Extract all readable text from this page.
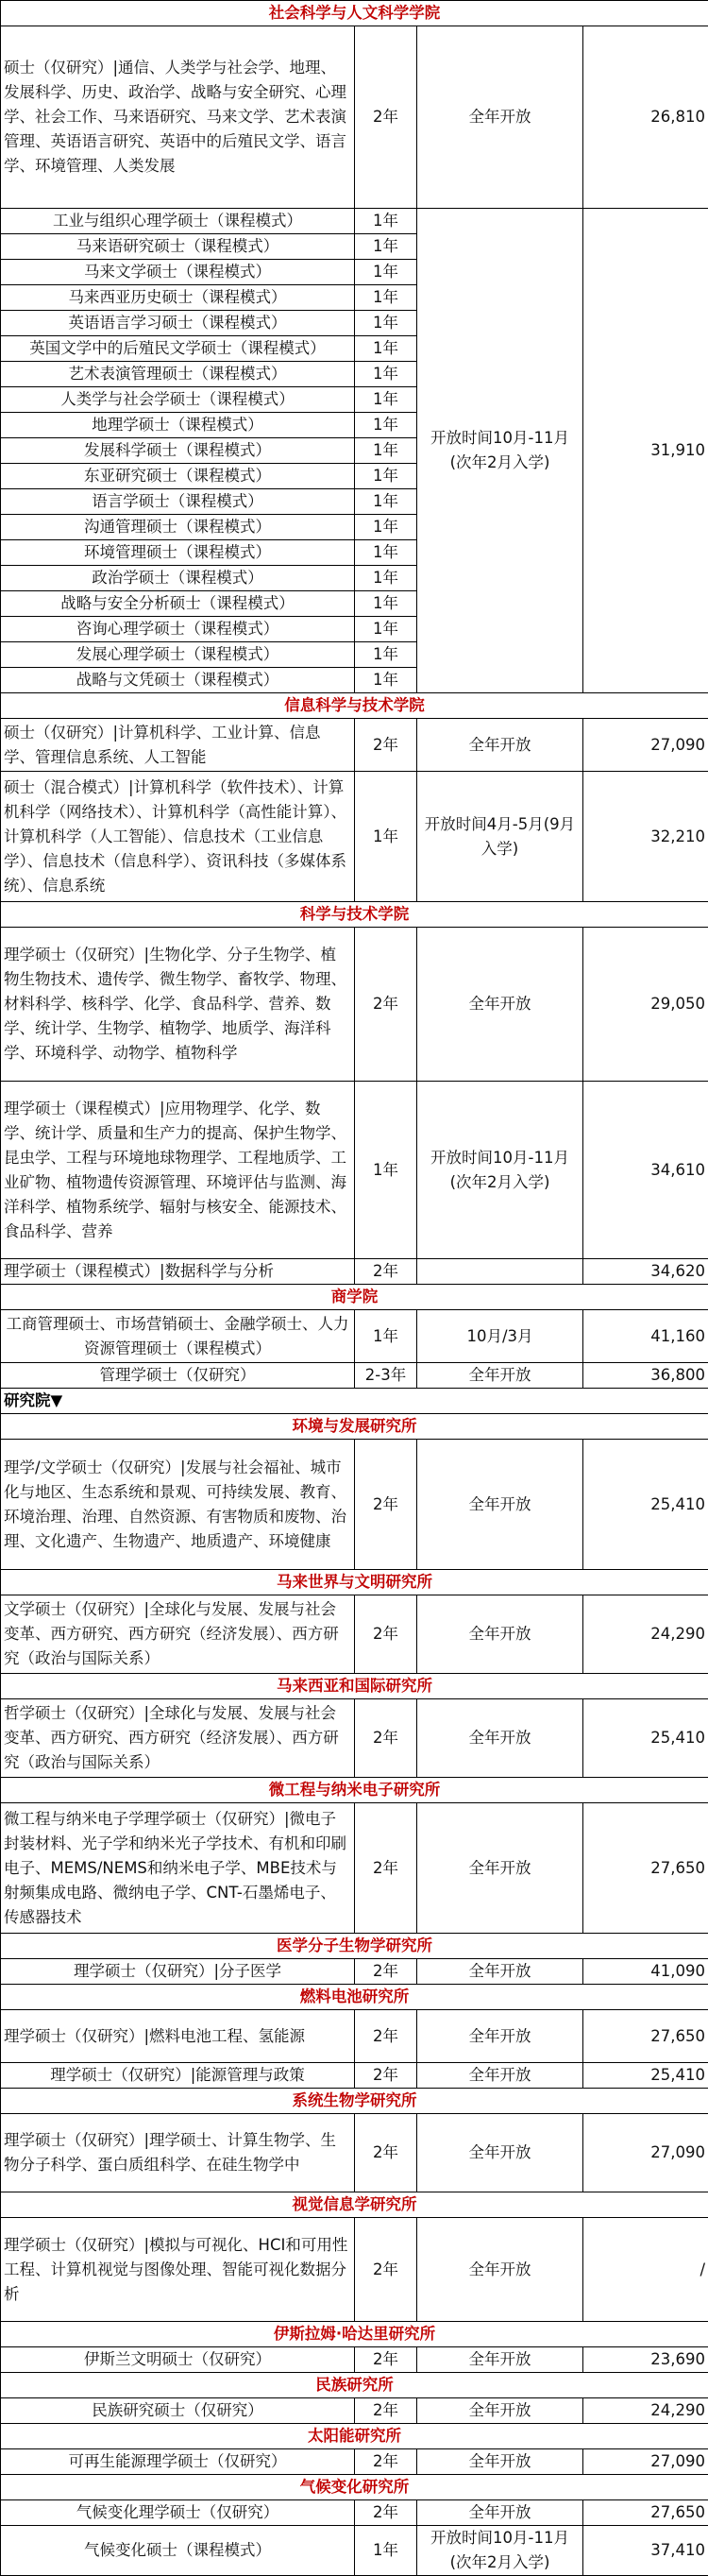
社会科学与人文科学学院			
硕士（仅研究）|通信、人类学与社会学、地理、发展科学、历史、政治学、战略与安全研究、心理学、社会工作、马来语研究、马来文学、艺术表演管理、英语语言研究、英语中的后殖民文学、语言学、环境管理、人类发展	2年	全年开放	26,810
工业与组织心理学硕士（课程模式）	1年	开放时间10月-11月(次年2月入学)	31,910
马来语研究硕士（课程模式）	1年		
马来文学硕士（课程模式）	1年		
马来西亚历史硕士（课程模式）	1年		
英语语言学习硕士（课程模式）	1年		
英国文学中的后殖民文学硕士（课程模式）	1年		
艺术表演管理硕士（课程模式）	1年		
人类学与社会学硕士（课程模式）	1年		
地理学硕士（课程模式）	1年		
发展科学硕士（课程模式）	1年		
东亚研究硕士（课程模式）	1年		
语言学硕士（课程模式）	1年		
沟通管理硕士（课程模式）	1年		
环境管理硕士（课程模式）	1年		
政治学硕士（课程模式）	1年		
战略与安全分析硕士（课程模式）	1年		
咨询心理学硕士（课程模式）	1年		
发展心理学硕士（课程模式）	1年		
战略与文凭硕士（课程模式）	1年		
信息科学与技术学院			
硕士（仅研究）|计算机科学、工业计算、信息学、管理信息系统、人工智能	2年	全年开放	27,090
硕士（混合模式）|计算机科学（软件技术）、计算机科学（网络技术）、计算机科学（高性能计算）、计算机科学（人工智能）、信息技术（工业信息学）、信息技术（信息科学）、资讯科技（多媒体系统）、信息系统	1年	开放时间4月-5月(9月入学)	32,210
科学与技术学院			
理学硕士（仅研究）|生物化学、分子生物学、植物生物技术、遗传学、微生物学、畜牧学、物理、材料科学、核科学、化学、食品科学、营养、数学、统计学、生物学、植物学、地质学、海洋科学、环境科学、动物学、植物科学	2年	全年开放	29,050
理学硕士（课程模式）|应用物理学、化学、数学、统计学、质量和生产力的提高、保护生物学、昆虫学、工程与环境地球物理学、工程地质学、工业矿物、植物遗传资源管理、环境评估与监测、海洋科学、植物系统学、辐射与核安全、能源技术、食品科学、营养	1年	开放时间10月-11月(次年2月入学)	34,610
理学硕士（课程模式）|数据科学与分析	2年		34,620
商学院			
工商管理硕士、市场营销硕士、金融学硕士、人力资源管理硕士（课程模式）	1年	10月/3月	41,160
管理学硕士（仅研究）	2-3年	全年开放	36,800
研究院▼			
环境与发展研究所			
理学/文学硕士（仅研究）|发展与社会福祉、城市化与地区、生态系统和景观、可持续发展、教育、环境治理、治理、自然资源、有害物质和废物、治理、文化遗产、生物遗产、地质遗产、环境健康	2年	全年开放	25,410
马来世界与文明研究所			
文学硕士（仅研究）|全球化与发展、发展与社会变革、西方研究、西方研究（经济发展）、西方研究（政治与国际关系）	2年	全年开放	24,290
马来西亚和国际研究所			
哲学硕士（仅研究）|全球化与发展、发展与社会变革、西方研究、西方研究（经济发展）、西方研究（政治与国际关系）	2年	全年开放	25,410
微工程与纳米电子研究所			
微工程与纳米电子学理学硕士（仅研究）|微电子封装材料、光子学和纳米光子学技术、有机和印刷电子、MEMS/NEMS和纳米电子学、MBE技术与射频集成电路、微纳电子学、CNT-石墨烯电子、传感器技术	2年	全年开放	27,650
医学分子生物学研究所			
理学硕士（仅研究）|分子医学	2年	全年开放	41,090
燃料电池研究所			
理学硕士（仅研究）|燃料电池工程、氢能源	2年	全年开放	27,650
理学硕士（仅研究）|能源管理与政策	2年	全年开放	25,410
系统生物学研究所			
理学硕士（仅研究）|理学硕士、计算生物学、生物分子科学、蛋白质组科学、在硅生物学中	2年	全年开放	27,090
视觉信息学研究所			
理学硕士（仅研究）|模拟与可视化、HCI和可用性工程、计算机视觉与图像处理、智能可视化数据分析	2年	全年开放	/
伊斯拉姆·哈达里研究所			
伊斯兰文明硕士（仅研究）	2年	全年开放	23,690
民族研究所			
民族研究硕士（仅研究）	2年	全年开放	24,290
太阳能研究所			
可再生能源理学硕士（仅研究）	2年	全年开放	27,090
气候变化研究所			
气候变化理学硕士（仅研究）	2年	全年开放	27,650
气候变化硕士（课程模式）	1年	开放时间10月-11月(次年2月入学)	37,410
